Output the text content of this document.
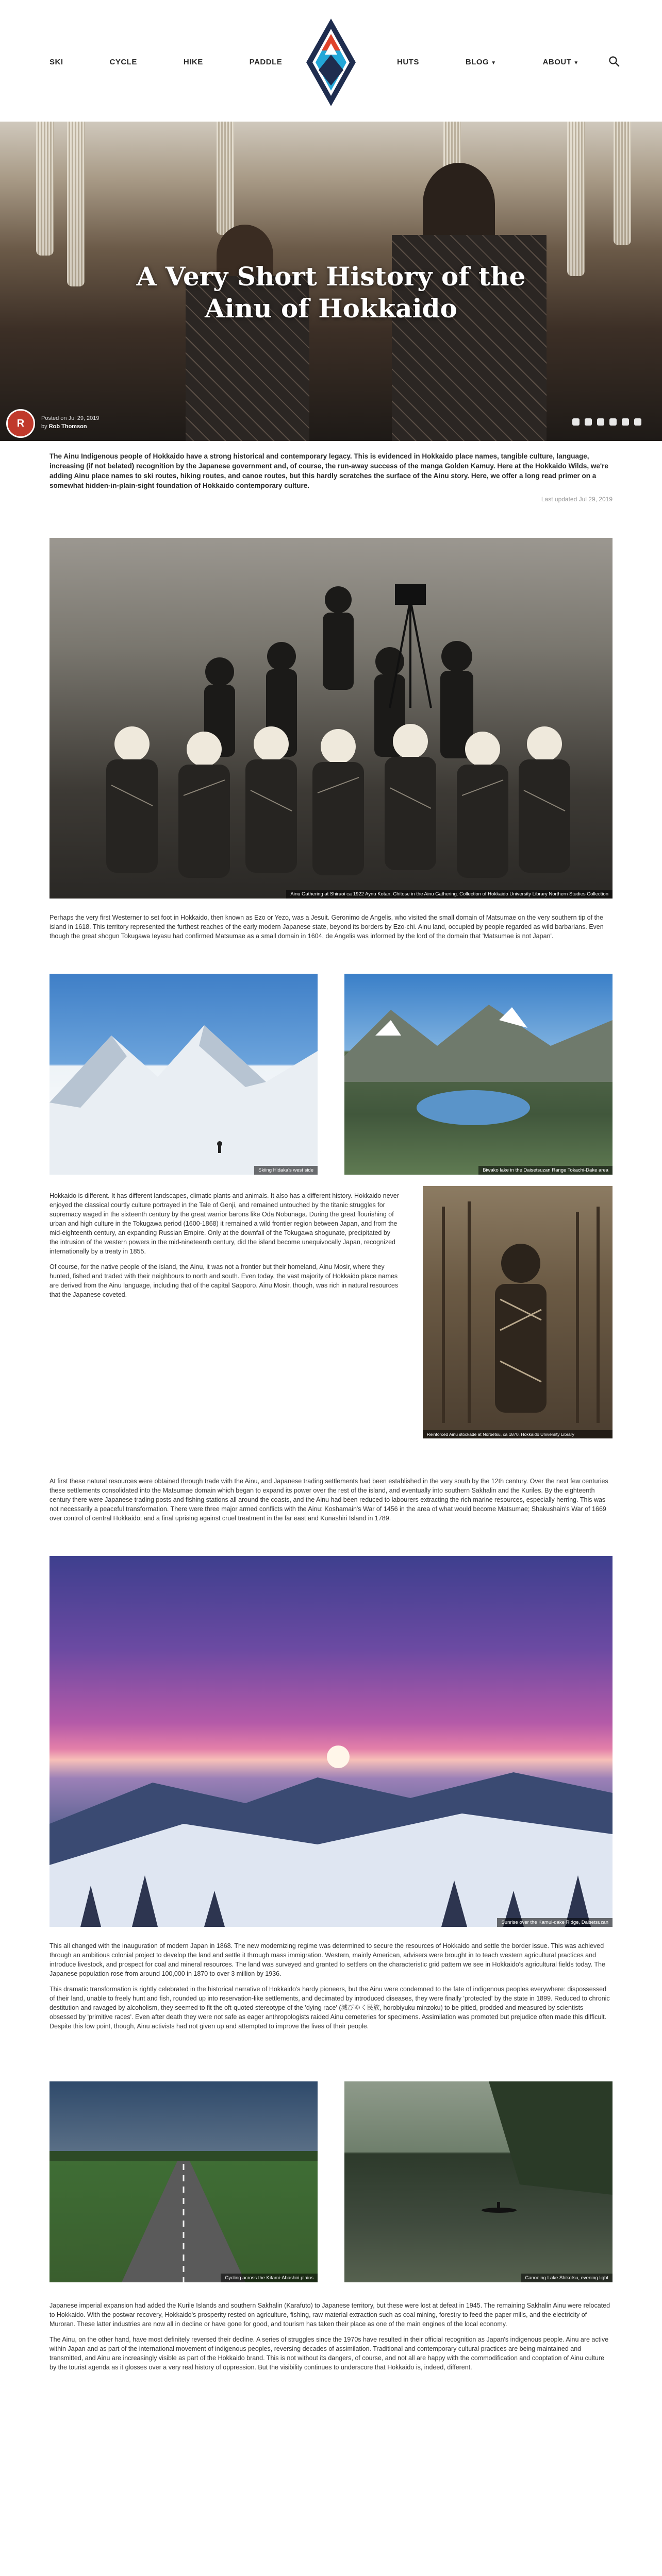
SKI	CYCLE	HIKE	PADDLE	HUTS	BLOG ▼	ABOUT ▼
A Very Short History of the Ainu of Hokkaido
R	Posted on Jul 29, 2019
by Rob Thomson

The Ainu Indigenous people of Hokkaido have a strong historical and contemporary legacy. This is evidenced in Hokkaido place names, tangible culture, language, increasing (if not belated) recognition by the Japanese government and, of course, the run-away success of the manga Golden Kamuy. Here at the Hokkaido Wilds, we're adding Ainu place names to ski routes, hiking routes, and canoe routes, but this hardly scratches the surface of the Ainu story. Here, we offer a long read primer on a somewhat hidden-in-plain-sight foundation of Hokkaido contemporary culture.

Last updated Jul 29, 2019

Ainu Gathering at Shiraoi ca 1922 Aynu Kotan, Chitose in the Ainu Gathering. Collection of Hokkaido University Library Northern Studies Collection

Perhaps the very first Westerner to set foot in Hokkaido, then known as Ezo or Yezo, was a Jesuit. Geronimo de Angelis, who visited the small domain of Matsumae on the very southern tip of the island in 1618. This territory represented the furthest reaches of the early modern Japanese state, beyond its borders by Ezo-chi. Ainu land, occupied by people regarded as wild barbarians. Even though the great shogun Tokugawa Ieyasu had confirmed Matsumae as a small domain in 1604, de Angelis was informed by the lord of the domain that 'Matsumae is not Japan'.

Skiing Hidaka's west side	Biwako lake in the Daisetsuzan Range Tokachi-Dake area

Hokkaido is different. It has different landscapes, climatic plants and animals. It also has a different history. Hokkaido never enjoyed the classical courtly culture portrayed in the Tale of Genji, and remained untouched by the titanic struggles for supremacy waged in the sixteenth century by the great warrior barons like Oda Nobunaga. During the great flourishing of urban and high culture in the Tokugawa period (1600-1868) it remained a wild frontier region between Japan, and from the mid-eighteenth century, an expanding Russian Empire. Only at the downfall of the Tokugawa shogunate, precipitated by the intrusion of the western powers in the mid-nineteenth century, did the island become unequivocally Japan, recognized internationally by a treaty in 1855.

Of course, for the native people of the island, the Ainu, it was not a frontier but their homeland, Ainu Mosir, where they hunted, fished and traded with their neighbours to north and south. Even today, the vast majority of Hokkaido place names are derived from the Ainu language, including that of the capital Sapporo. Ainu Mosir, though, was rich in natural resources that the Japanese coveted.

Reinforced Ainu stockade at Norbetsu, ca 1870. Hokkaido University Library

At first these natural resources were obtained through trade with the Ainu, and Japanese trading settlements had been established in the very south by the 12th century. Over the next few centuries these settlements consolidated into the Matsumae domain which began to expand its power over the rest of the island, and eventually into southern Sakhalin and the Kuriles. By the eighteenth century there were Japanese trading posts and fishing stations all around the coasts, and the Ainu had been reduced to labourers extracting the rich marine resources, especially herring. This was not necessarily a peaceful transformation. There were three major armed conflicts with the Ainu: Koshamain's War of 1456 in the area of what would become Matsumae; Shakushain's War of 1669 over control of central Hokkaido; and a final uprising against cruel treatment in the far east and Kunashiri Island in 1789.

Sunrise over the Kamui-dake Ridge, Daisetsuzan

This all changed with the inauguration of modern Japan in 1868. The new modernizing regime was determined to secure the resources of Hokkaido and settle the border issue. This was achieved through an ambitious colonial project to develop the land and settle it through mass immigration. Western, mainly American, advisers were brought in to teach western agricultural practices and introduce livestock, and prospect for coal and mineral resources. The land was surveyed and granted to settlers on the characteristic grid pattern we see in Hokkaido's agricultural fields today. The Japanese population rose from around 100,000 in 1870 to over 3 million by 1936.

This dramatic transformation is rightly celebrated in the historical narrative of Hokkaido's hardy pioneers, but the Ainu were condemned to the fate of indigenous peoples everywhere: dispossessed of their land, unable to freely hunt and fish, rounded up into reservation-like settlements, and decimated by introduced diseases, they were finally 'protected' by the state in 1899. Reduced to chronic destitution and ravaged by alcoholism, they seemed to fit the oft-quoted stereotype of the 'dying race' (滅びゆく民族, horobiyuku minzoku) to be pitied, prodded and measured by scientists obsessed by 'primitive races'. Even after death they were not safe as eager anthropologists raided Ainu cemeteries for specimens. Assimilation was promoted but prejudice often made this difficult. Despite this low point, though, Ainu activists had not given up and attempted to improve the lives of their people.

Cycling across the Kitami-Abashiri plains	Canoeing Lake Shikotsu, evening light

Japanese imperial expansion had added the Kurile Islands and southern Sakhalin (Karafuto) to Japanese territory, but these were lost at defeat in 1945. The remaining Sakhalin Ainu were relocated to Hokkaido. With the postwar recovery, Hokkaido's prosperity rested on agriculture, fishing, raw material extraction such as coal mining, forestry to feed the paper mills, and the electricity of Muroran. These latter industries are now all in decline or have gone for good, and tourism has taken their place as one of the main engines of the local economy.

The Ainu, on the other hand, have most definitely reversed their decline. A series of struggles since the 1970s have resulted in their official recognition as Japan's indigenous people. Ainu are active within Japan and as part of the international movement of indigenous peoples, reversing decades of assimilation. Traditional and contemporary cultural practices are being maintained and transmitted, and Ainu are increasingly visible as part of the Hokkaido brand. This is not without its dangers, of course, and not all are happy with the commodification and cooptation of Ainu culture by the tourist agenda as it glosses over a very real history of oppression. But the visibility continues to underscore that Hokkaido is, indeed, different.
